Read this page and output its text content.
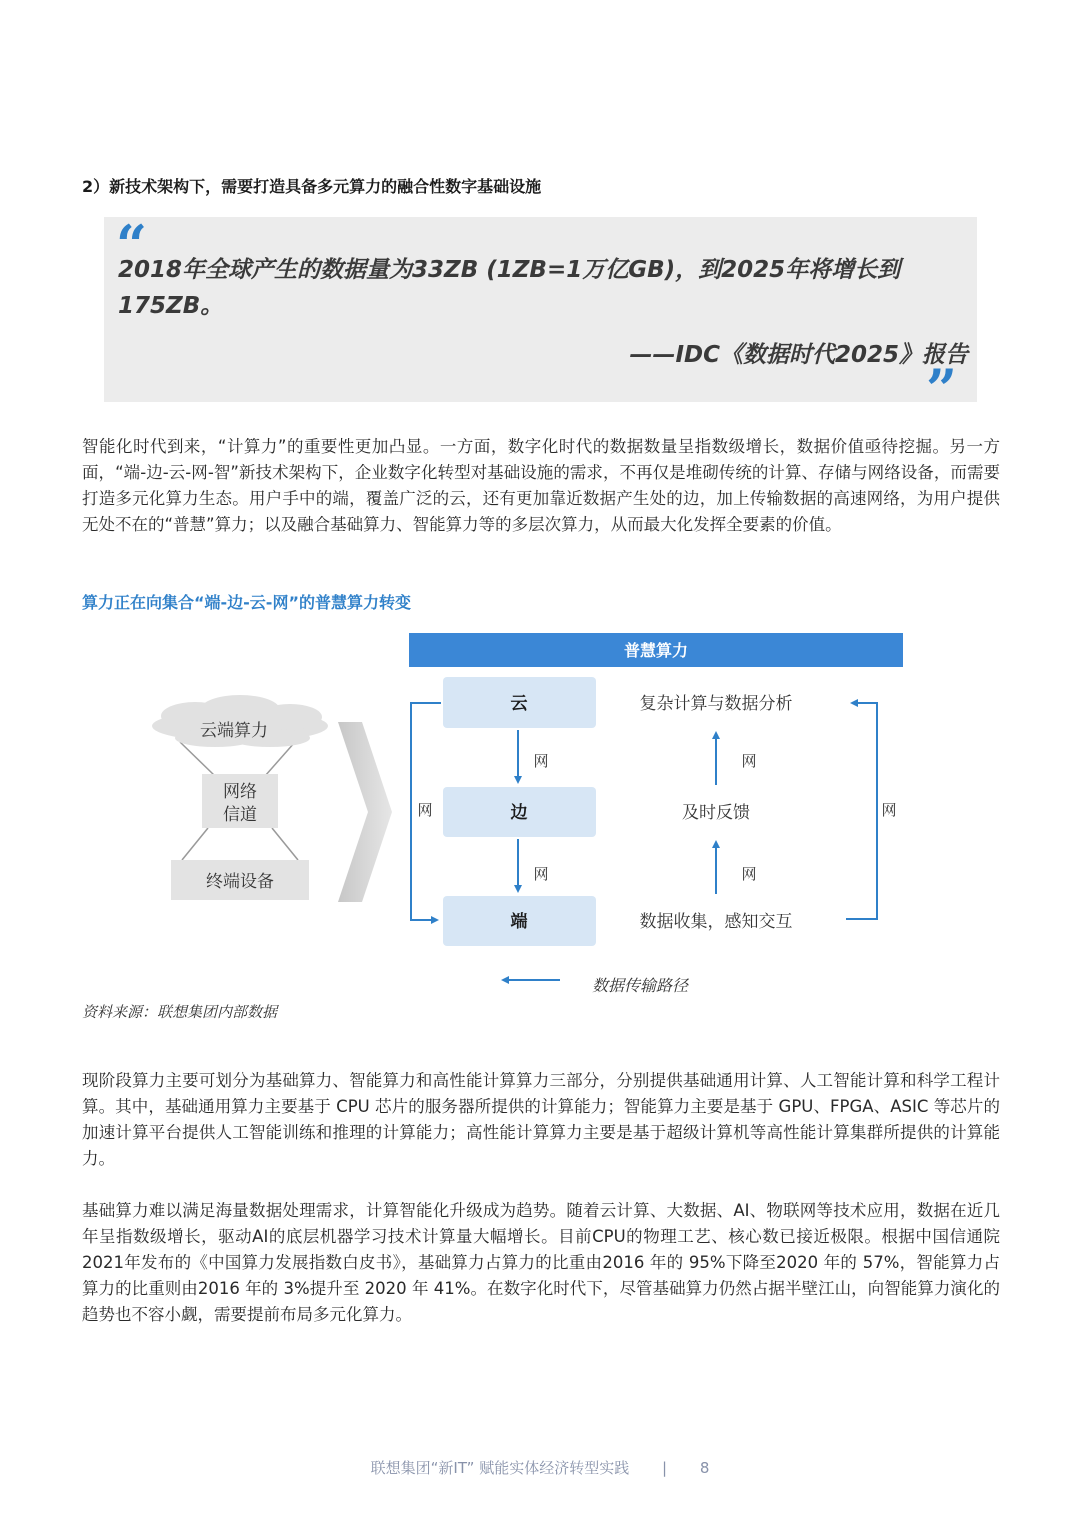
2）新技术架构下，需要打造具备多元算力的融合性数字基础设施
“
2018年全球产生的数据量为33ZB (1ZB=1万亿GB)，到2025年将增长到175ZB。
——IDC《数据时代2025》报告
”
智能化时代到来，“计算力”的重要性更加凸显。一方面，数字化时代的数据数量呈指数级增长，数据价值亟待挖掘。另一方面，“端-边-云-网-智”新技术架构下，企业数字化转型对基础设施的需求，不再仅是堆砌传统的计算、存储与网络设备，而需要打造多元化算力生态。用户手中的端，覆盖广泛的云，还有更加靠近数据产生处的边，加上传输数据的高速网络，为用户提供无处不在的“普慧”算力；以及融合基础算力、智能算力等的多层次算力，从而最大化发挥全要素的价值。
算力正在向集合“端-边-云-网”的普慧算力转变
云端算力
网络
信道
终端设备
普慧算力
云
边
端
网
网
网
复杂计算与数据分析
及时反馈
数据收集，感知交互
网
网
网
数据传输路径
资料来源：联想集团内部数据
现阶段算力主要可划分为基础算力、智能算力和高性能计算算力三部分，分别提供基础通用计算、人工智能计算和科学工程计算。其中，基础通用算力主要基于 CPU 芯片的服务器所提供的计算能力；智能算力主要是基于 GPU、FPGA、ASIC 等芯片的加速计算平台提供人工智能训练和推理的计算能力；高性能计算算力主要是基于超级计算机等高性能计算集群所提供的计算能力。
基础算力难以满足海量数据处理需求，计算智能化升级成为趋势。随着云计算、大数据、AI、物联网等技术应用，数据在近几年呈指数级增长，驱动AI的底层机器学习技术计算量大幅增长。目前CPU的物理工艺、核心数已接近极限。根据中国信通院2021年发布的《中国算力发展指数白皮书》，基础算力占算力的比重由2016 年的 95%下降至2020 年的 57%，智能算力占算力的比重则由2016 年的 3%提升至 2020 年 41%。在数字化时代下，尽管基础算力仍然占据半壁江山，向智能算力演化的趋势也不容小觑，需要提前布局多元化算力。
联想集团“新IT” 赋能实体经济转型实践 | 8
